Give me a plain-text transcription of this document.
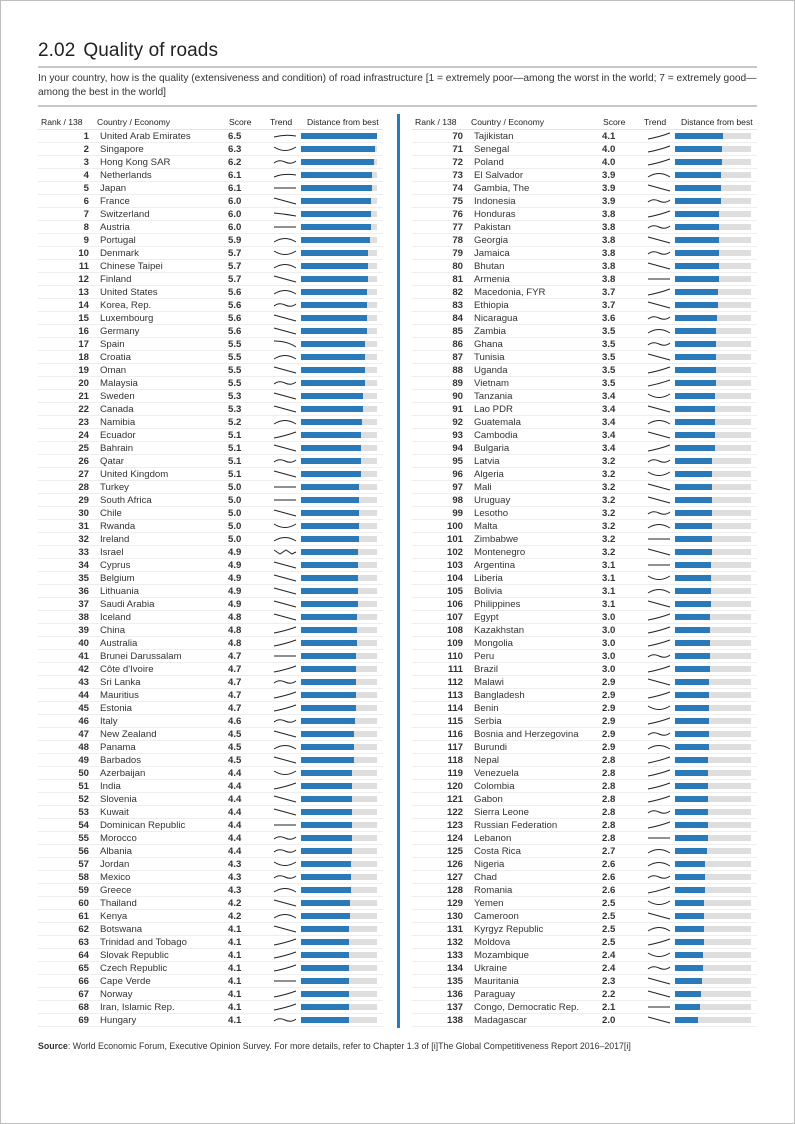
2.02 Quality of roads
In your country, how is the quality (extensiveness and condition) of road infrastructure [1 = extremely poor—among the worst in the world; 7 = extremely good—among the best in the world]
Rank / 138 Country / Economy	Score Trend Distance from best
1 United Arab Emirates	6.5
2 Singapore	6.3
3 Hong Kong SAR	6.2
4 Netherlands	6.1
5 Japan	6.1
6 France	6.0
7 Switzerland	6.0
8 Austria	6.0
9 Portugal	5.9
10 Denmark	5.7
11 Chinese Taipei	5.7
12 Finland	5.7
13 United States	5.6
14 Korea, Rep.	5.6
15 Luxembourg	5.6
16 Germany	5.6
17 Spain	5.5
18 Croatia	5.5
19 Oman	5.5
20 Malaysia	5.5
21 Sweden	5.3
22 Canada	5.3
23 Namibia	5.2
24 Ecuador	5.1
25 Bahrain	5.1
26 Qatar	5.1
27 United Kingdom	5.1
28 Turkey	5.0
29 South Africa	5.0
30 Chile	5.0
31 Rwanda	5.0
32 Ireland	5.0
33 Israel	4.9
34 Cyprus	4.9
35 Belgium	4.9
36 Lithuania	4.9
37 Saudi Arabia	4.9
38 Iceland	4.8
39 China	4.8
40 Australia	4.8
41 Brunei Darussalam	4.7
42 Côte d'Ivoire	4.7
43 Sri Lanka	4.7
44 Mauritius	4.7
45 Estonia	4.7
46 Italy	4.6
47 New Zealand	4.5
48 Panama	4.5
49 Barbados	4.5
50 Azerbaijan	4.4
51 India	4.4
52 Slovenia	4.4
53 Kuwait	4.4
54 Dominican Republic	4.4
55 Morocco	4.4
56 Albania	4.4
57 Jordan	4.3
58 Mexico	4.3
59 Greece	4.3
60 Thailand	4.2
61 Kenya	4.2
62 Botswana	4.1
63 Trinidad and Tobago	4.1
64 Slovak Republic	4.1
65 Czech Republic	4.1
66 Cape Verde	4.1
67 Norway	4.1
68 Iran, Islamic Rep.	4.1
69 Hungary	4.1
Rank / 138 Country / Economy	Score Trend Distance from best
70 Tajikistan	4.1
71 Senegal	4.0
72 Poland	4.0
73 El Salvador	3.9
74 Gambia, The	3.9
75 Indonesia	3.9
76 Honduras	3.8
77 Pakistan	3.8
78 Georgia	3.8
79 Jamaica	3.8
80 Bhutan	3.8
81 Armenia	3.8
82 Macedonia, FYR	3.7
83 Ethiopia	3.7
84 Nicaragua	3.6
85 Zambia	3.5
86 Ghana	3.5
87 Tunisia	3.5
88 Uganda	3.5
89 Vietnam	3.5
90 Tanzania	3.4
91 Lao PDR	3.4
92 Guatemala	3.4
93 Cambodia	3.4
94 Bulgaria	3.4
95 Latvia	3.2
96 Algeria	3.2
97 Mali	3.2
98 Uruguay	3.2
99 Lesotho	3.2
100 Malta	3.2
101 Zimbabwe	3.2
102 Montenegro	3.2
103 Argentina	3.1
104 Liberia	3.1
105 Bolivia	3.1
106 Philippines	3.1
107 Egypt	3.0
108 Kazakhstan	3.0
109 Mongolia	3.0
110 Peru	3.0
111 Brazil	3.0
112 Malawi	2.9
113 Bangladesh	2.9
114 Benin	2.9
115 Serbia	2.9
116 Bosnia and Herzegovina 2.9
117 Burundi	2.9
118 Nepal	2.8
119 Venezuela	2.8
120 Colombia	2.8
121 Gabon	2.8
122 Sierra Leone	2.8
123 Russian Federation	2.8
124 Lebanon	2.8
125 Costa Rica	2.7
126 Nigeria	2.6
127 Chad	2.6
128 Romania	2.6
129 Yemen	2.5
130 Cameroon	2.5
131 Kyrgyz Republic	2.5
132 Moldova	2.5
133 Mozambique	2.4
134 Ukraine	2.4
135 Mauritania	2.3
136 Paraguay	2.2
137 Congo, Democratic Rep. 2.1
138 Madagascar	2.0
Source: World Economic Forum, Executive Opinion Survey. For more details, refer to Chapter 1.3 of [i]The Global Competitiveness Report 2016–2017[i]
